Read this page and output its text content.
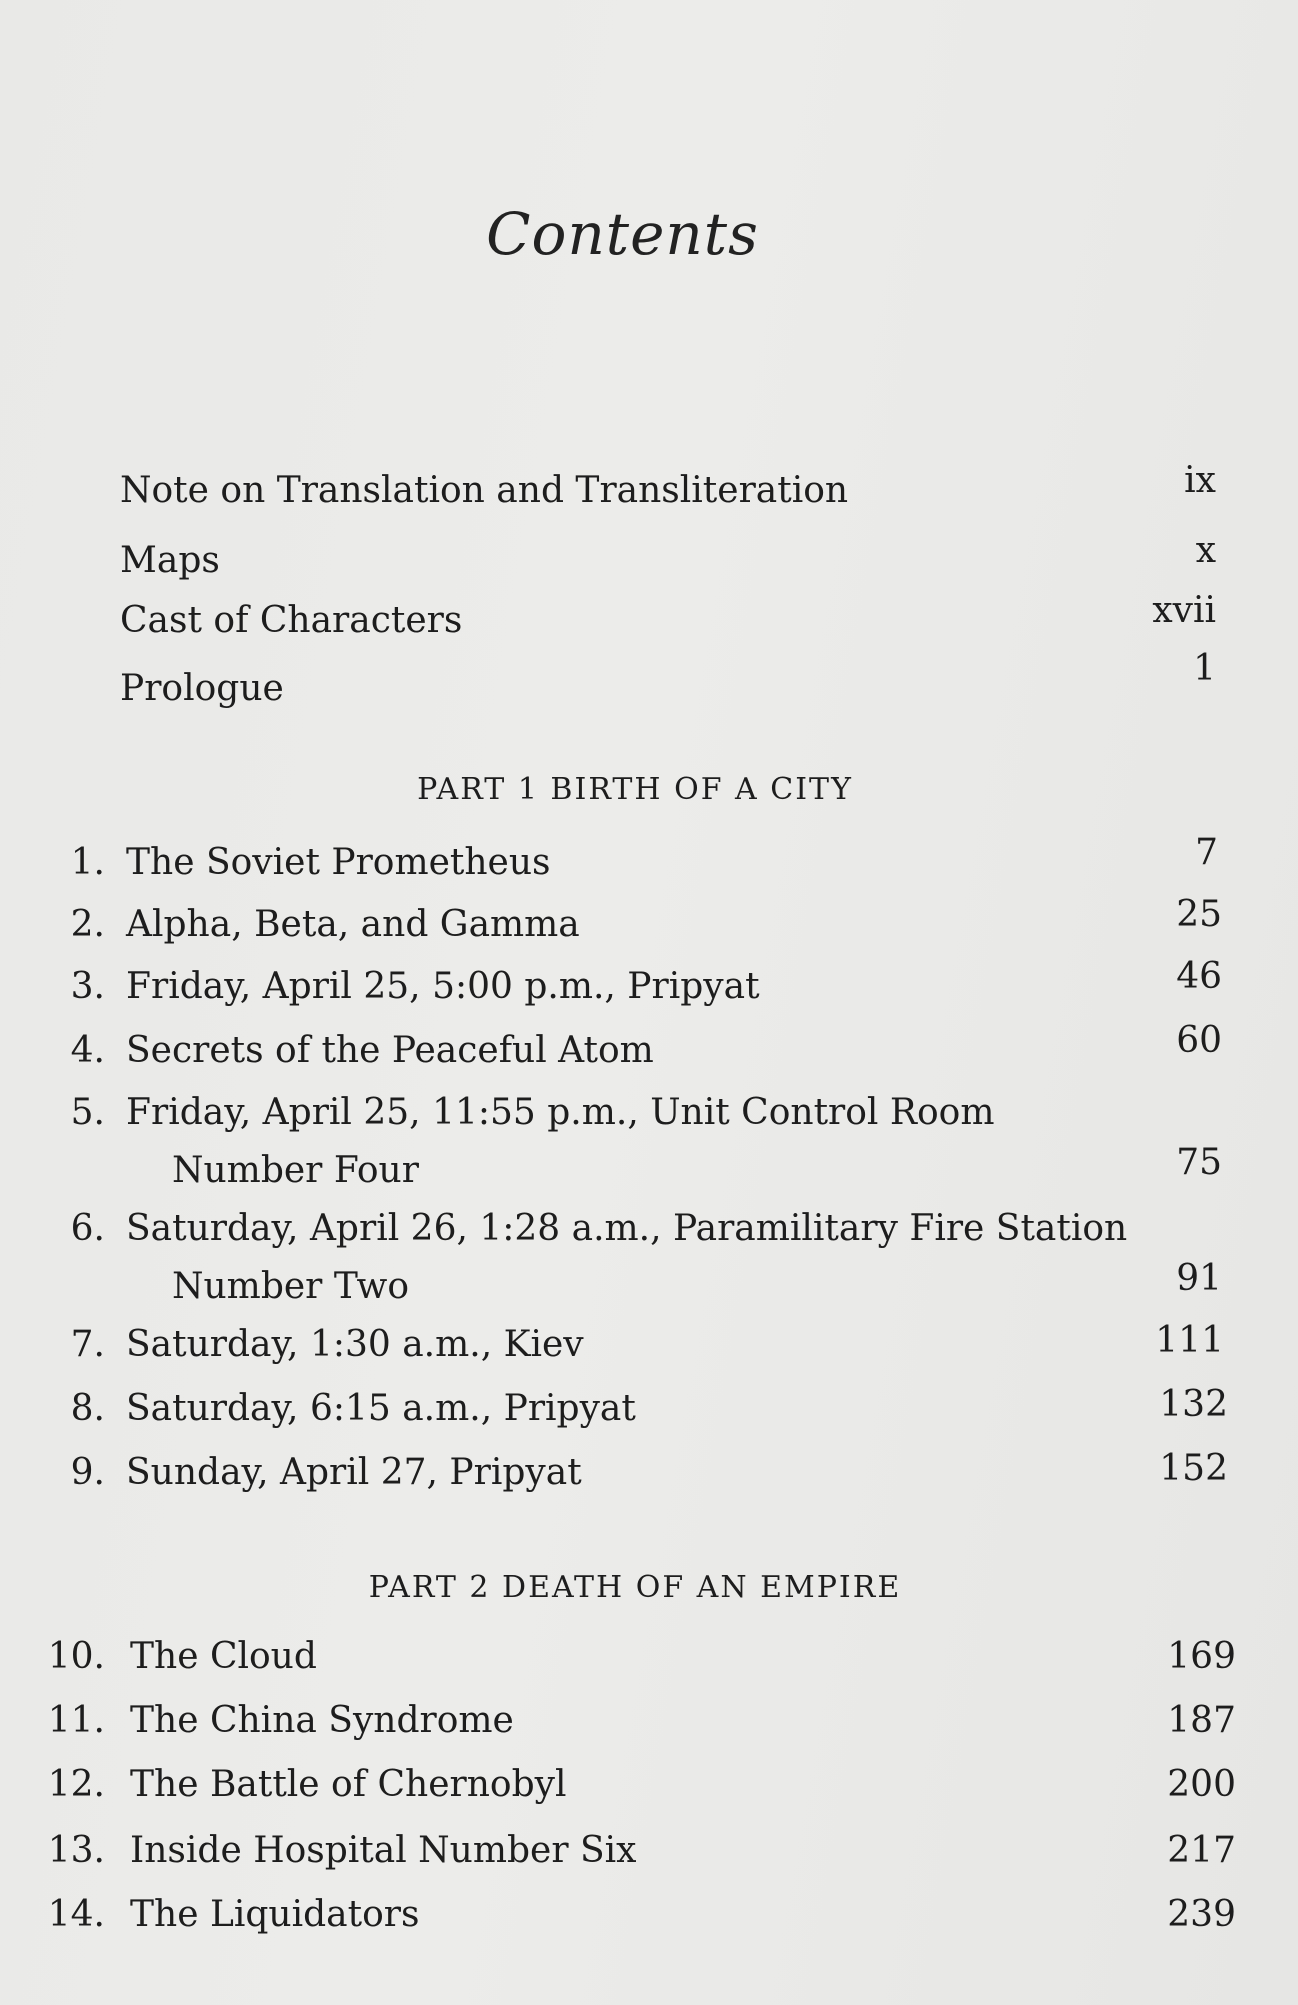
Contents
Note on Translation and Transliteration	ix
Maps	x
Cast of Characters	xvii
Prologue	1
PART 1 BIRTH OF A CITY
1. The Soviet Prometheus	7
2. Alpha, Beta, and Gamma	25
3. Friday, April 25, 5:00 p.m., Pripyat	46
4. Secrets of the Peaceful Atom	60
5. Friday, April 25, 11:55 p.m., Unit Control Room
Number Four	75
6. Saturday, April 26, 1:28 a.m., Paramilitary Fire Station
Number Two	91
7. Saturday, 1:30 a.m., Kiev	111
8. Saturday, 6:15 a.m., Pripyat	132
9. Sunday, April 27, Pripyat	152
PART 2 DEATH OF AN EMPIRE
10. The Cloud	169
11. The China Syndrome	187
12. The Battle of Chernobyl	200
13. Inside Hospital Number Six	217
14. The Liquidators	239
